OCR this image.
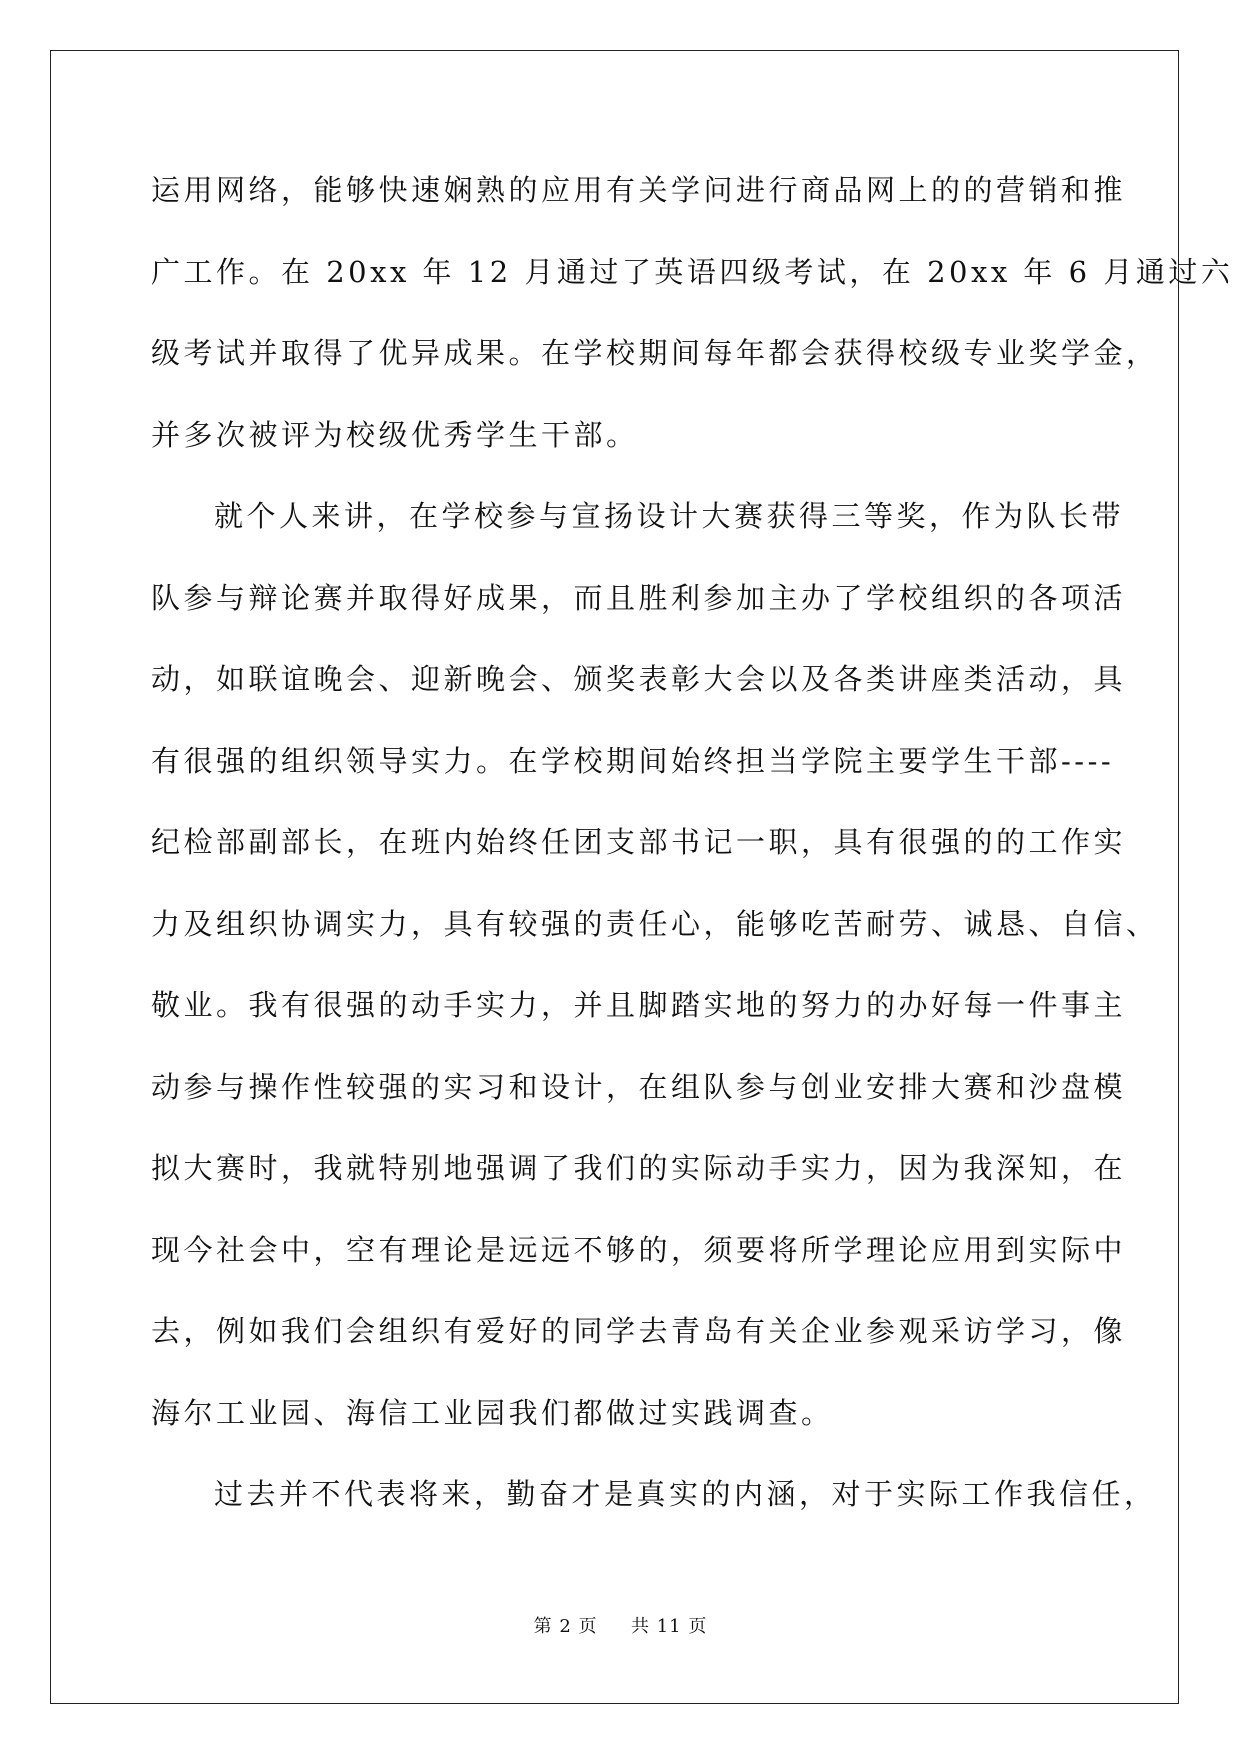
运用网络，能够快速娴熟的应用有关学问进行商品网上的的营销和推
广工作。在 20xx 年 12 月通过了英语四级考试，在 20xx 年 6 月通过六
级考试并取得了优异成果。在学校期间每年都会获得校级专业奖学金，
并多次被评为校级优秀学生干部。
就个人来讲，在学校参与宣扬设计大赛获得三等奖，作为队长带
队参与辩论赛并取得好成果，而且胜利参加主办了学校组织的各项活
动，如联谊晚会、迎新晚会、颁奖表彰大会以及各类讲座类活动，具
有很强的组织领导实力。在学校期间始终担当学院主要学生干部----
纪检部副部长，在班内始终任团支部书记一职，具有很强的的工作实
力及组织协调实力，具有较强的责任心，能够吃苦耐劳、诚恳、自信、
敬业。我有很强的动手实力，并且脚踏实地的努力的办好每一件事主
动参与操作性较强的实习和设计，在组队参与创业安排大赛和沙盘模
拟大赛时，我就特别地强调了我们的实际动手实力，因为我深知，在
现今社会中，空有理论是远远不够的，须要将所学理论应用到实际中
去，例如我们会组织有爱好的同学去青岛有关企业参观采访学习，像
海尔工业园、海信工业园我们都做过实践调查。
过去并不代表将来，勤奋才是真实的内涵，对于实际工作我信任，
第 2 页 共 11 页
